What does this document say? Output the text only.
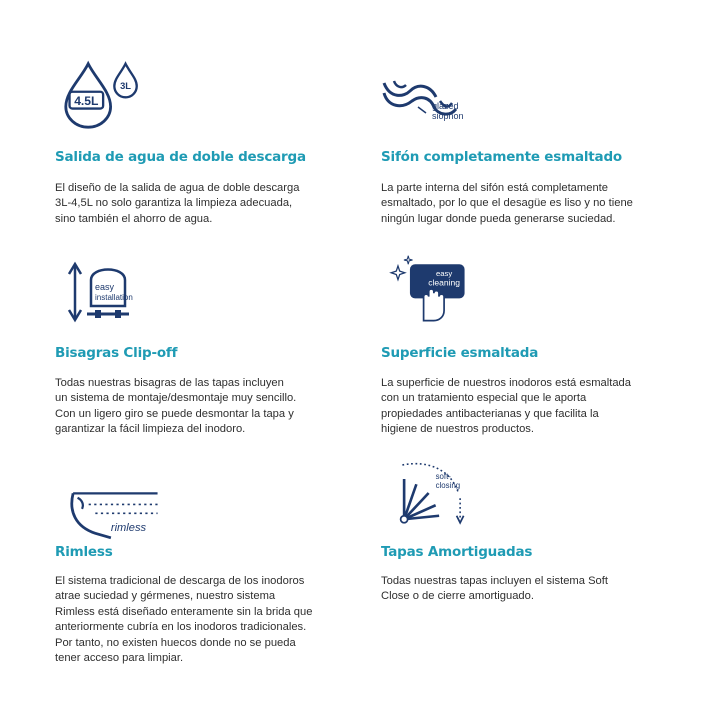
4.5L
3L
Salida de agua de doble descarga

El diseño de la salida de agua de doble descarga
3L-4,5L no solo garantiza la limpieza adecuada,
sino también el ahorro de agua.

glazed
siophon
Sifón completamente esmaltado

La parte interna del sifón está completamente
esmaltado, por lo que el desagüe es liso y no tiene
ningún lugar donde pueda generarse suciedad.

easy
installation
Bisagras Clip-off

Todas nuestras bisagras de las tapas incluyen
un sistema de montaje/desmontaje muy sencillo.
Con un ligero giro se puede desmontar la tapa y
garantizar la fácil limpieza del inodoro.

easy
cleaning
Superficie esmaltada

La superficie de nuestros inodoros está esmaltada
con un tratamiento especial que le aporta
propiedades antibacterianas y que facilita la
higiene de nuestros productos.

rimless
Rimless

El sistema tradicional de descarga de los inodoros
atrae suciedad y gérmenes, nuestro sistema
Rimless está diseñado enteramente sin la brida que
anteriormente cubría en los inodoros tradicionales.
Por tanto, no existen huecos donde no se pueda
tener acceso para limpiar.

soft-
closing
Tapas Amortiguadas

Todas nuestras tapas incluyen el sistema Soft
Close o de cierre amortiguado.
